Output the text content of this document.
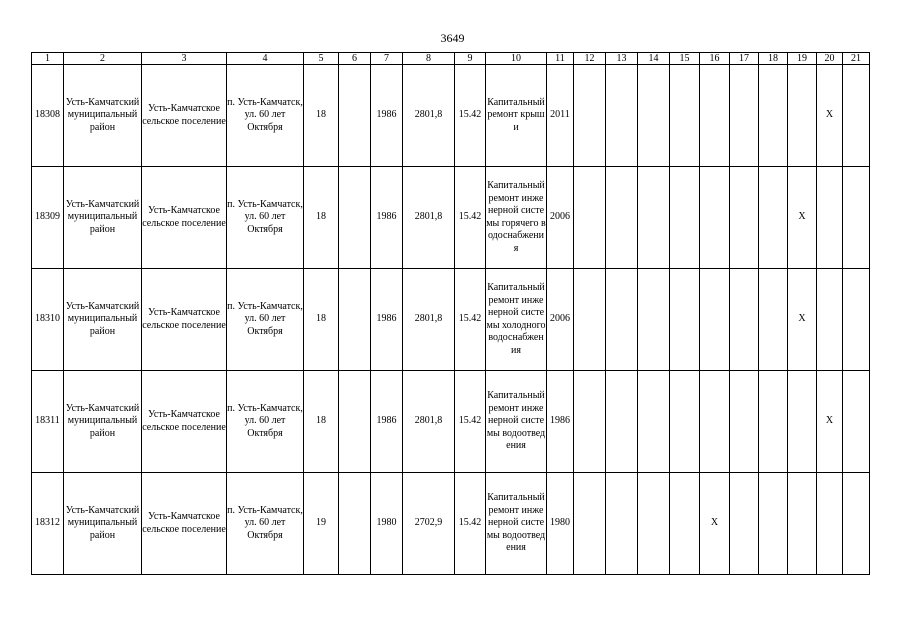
3649
1	2	3	4	5	6	7	8	9	10	11	12	13	14	15	16	17	18	19	20	21
18308	Усть-Камчатский муниципальный район	Усть-Камчатское сельское поселение	п. Усть-Камчатск, ул. 60 лет Октября	18		1986	2801,8	15.42	Капитальный ремонт крыши	2011									X	
18309	Усть-Камчатский муниципальный район	Усть-Камчатское сельское поселение	п. Усть-Камчатск, ул. 60 лет Октября	18		1986	2801,8	15.42	Капитальный ремонт инженерной системы горячего водоснабжения	2006								X		
18310	Усть-Камчатский муниципальный район	Усть-Камчатское сельское поселение	п. Усть-Камчатск, ул. 60 лет Октября	18		1986	2801,8	15.42	Капитальный ремонт инженерной системы холодного водоснабжения	2006								X		
18311	Усть-Камчатский муниципальный район	Усть-Камчатское сельское поселение	п. Усть-Камчатск, ул. 60 лет Октября	18		1986	2801,8	15.42	Капитальный ремонт инженерной системы водоотведения	1986									X	
18312	Усть-Камчатский муниципальный район	Усть-Камчатское сельское поселение	п. Усть-Камчатск, ул. 60 лет Октября	19		1980	2702,9	15.42	Капитальный ремонт инженерной системы водоотведения	1980					X					
